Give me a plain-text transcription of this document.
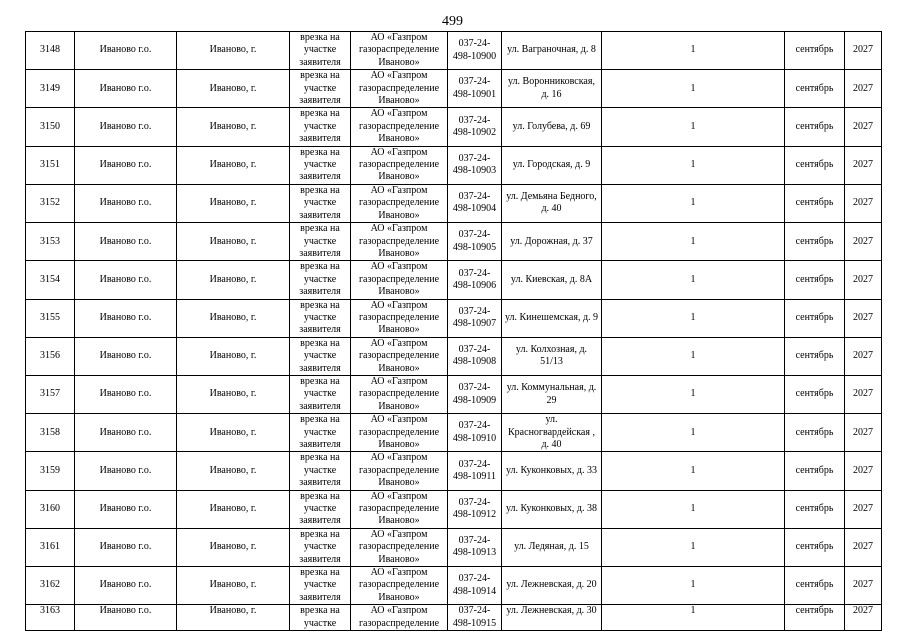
499
3148	Иваново г.о.	Иваново, г.	врезка на участке заявителя	АО «Газпром газораспределение Иваново»	037-24-498-10900	ул. Ваграночная, д. 8	1	сентябрь	2027
3149	Иваново г.о.	Иваново, г.	врезка на участке заявителя	АО «Газпром газораспределение Иваново»	037-24-498-10901	ул. Воронниковская, д. 16	1	сентябрь	2027
3150	Иваново г.о.	Иваново, г.	врезка на участке заявителя	АО «Газпром газораспределение Иваново»	037-24-498-10902	ул. Голубева, д. 69	1	сентябрь	2027
3151	Иваново г.о.	Иваново, г.	врезка на участке заявителя	АО «Газпром газораспределение Иваново»	037-24-498-10903	ул. Городская, д. 9	1	сентябрь	2027
3152	Иваново г.о.	Иваново, г.	врезка на участке заявителя	АО «Газпром газораспределение Иваново»	037-24-498-10904	ул. Демьяна Бедного, д. 40	1	сентябрь	2027
3153	Иваново г.о.	Иваново, г.	врезка на участке заявителя	АО «Газпром газораспределение Иваново»	037-24-498-10905	ул. Дорожная, д. 37	1	сентябрь	2027
3154	Иваново г.о.	Иваново, г.	врезка на участке заявителя	АО «Газпром газораспределение Иваново»	037-24-498-10906	ул. Киевская, д. 8А	1	сентябрь	2027
3155	Иваново г.о.	Иваново, г.	врезка на участке заявителя	АО «Газпром газораспределение Иваново»	037-24-498-10907	ул. Кинешемская, д. 9	1	сентябрь	2027
3156	Иваново г.о.	Иваново, г.	врезка на участке заявителя	АО «Газпром газораспределение Иваново»	037-24-498-10908	ул. Колхозная, д. 51/13	1	сентябрь	2027
3157	Иваново г.о.	Иваново, г.	врезка на участке заявителя	АО «Газпром газораспределение Иваново»	037-24-498-10909	ул. Коммунальная, д. 29	1	сентябрь	2027
3158	Иваново г.о.	Иваново, г.	врезка на участке заявителя	АО «Газпром газораспределение Иваново»	037-24-498-10910	ул. Красногвардейская , д. 40	1	сентябрь	2027
3159	Иваново г.о.	Иваново, г.	врезка на участке заявителя	АО «Газпром газораспределение Иваново»	037-24-498-10911	ул. Куконковых, д. 33	1	сентябрь	2027
3160	Иваново г.о.	Иваново, г.	врезка на участке заявителя	АО «Газпром газораспределение Иваново»	037-24-498-10912	ул. Куконковых, д. 38	1	сентябрь	2027
3161	Иваново г.о.	Иваново, г.	врезка на участке заявителя	АО «Газпром газораспределение Иваново»	037-24-498-10913	ул. Ледяная, д. 15	1	сентябрь	2027
3162	Иваново г.о.	Иваново, г.	врезка на участке заявителя	АО «Газпром газораспределение Иваново»	037-24-498-10914	ул. Лежневская, д. 20	1	сентябрь	2027
3163	Иваново г.о.	Иваново, г.	врезка на участке	АО «Газпром газораспределение	037-24-498-10915	ул. Лежневская, д. 30	1	сентябрь	2027
